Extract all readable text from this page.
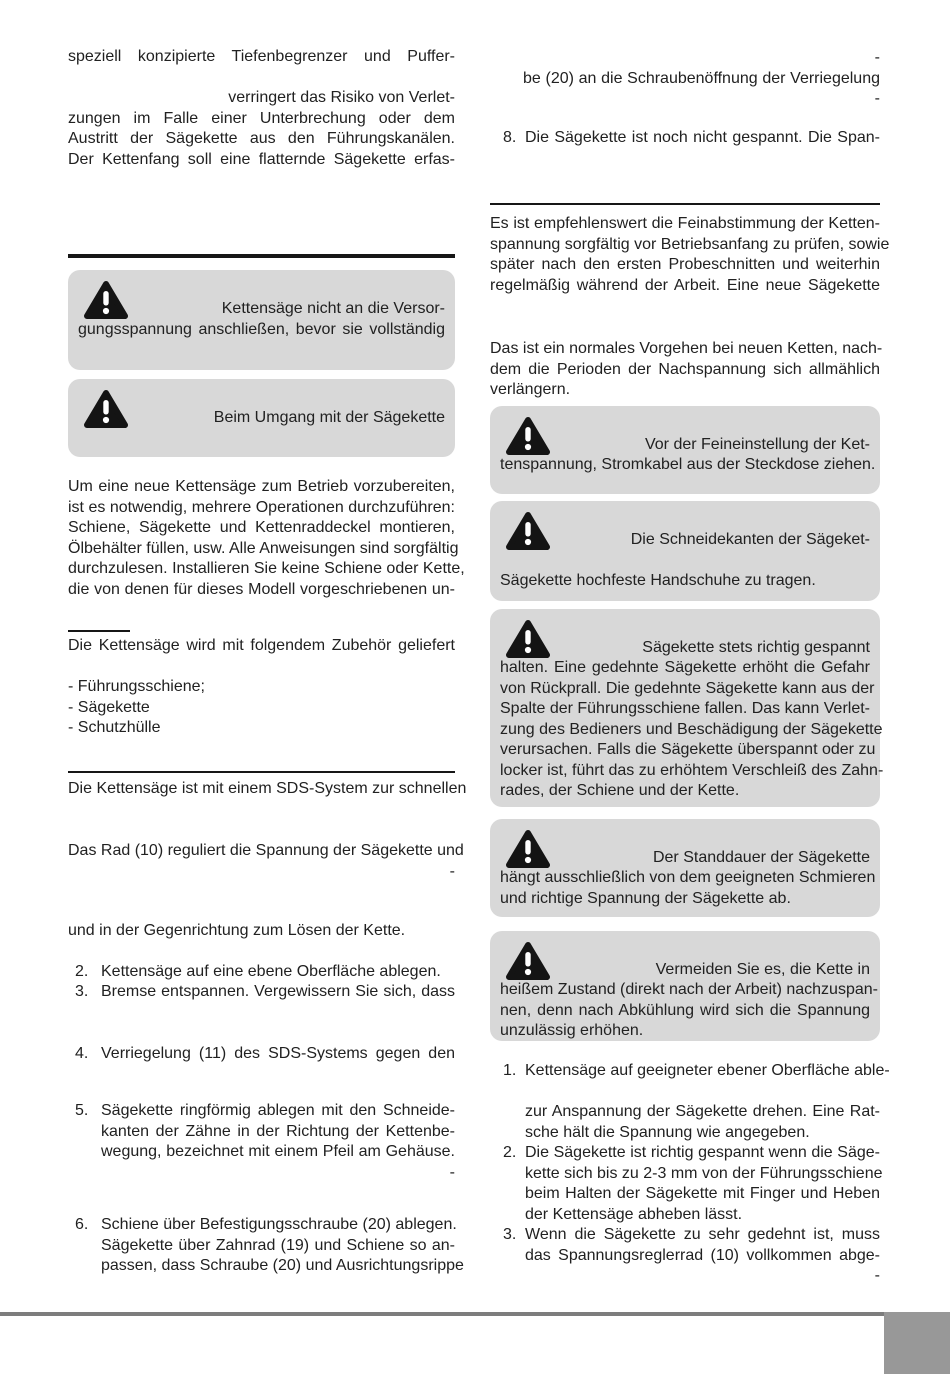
speziell konzipierte Tiefenbegrenzer und Puffer-

verringert das Risiko von Verlet-
zungen im Falle einer Unterbrechung oder dem
Austritt der Sägekette aus den Führungskanälen.
Der Kettenfang soll eine flatternde Sägekette erfas-
Kettensäge nicht an die Versor-
gungsspannung anschließen, bevor sie vollständig
Beim Umgang mit der Sägekette
Um eine neue Kettensäge zum Betrieb vorzubereiten,
ist es notwendig, mehrere Operationen durchzuführen:
Schiene, Sägekette und Kettenraddeckel montieren,
Ölbehälter füllen, usw. Alle Anweisungen sind sorgfältig
durchzulesen. Installieren Sie keine Schiene oder Kette,
die von denen für dieses Modell vorgeschriebenen un-
Die Kettensäge wird mit folgendem Zubehör geliefert

- Führungsschiene;
- Sägekette
- Schutzhülle
Die Kettensäge ist mit einem SDS-System zur schnellen
Das Rad (10) reguliert die Spannung der Sägekette und
-
und in der Gegenrichtung zum Lösen der Kette.
2. Kettensäge auf eine ebene Oberfläche ablegen.
3. Bremse entspannen. Vergewissern Sie sich, dass
4. Verriegelung (11) des SDS-Systems gegen den
5. Sägekette ringförmig ablegen mit den Schneide-
kanten der Zähne in der Richtung der Kettenbe-
wegung, bezeichnet mit einem Pfeil am Gehäuse.
-
6. Schiene über Befestigungsschraube (20) ablegen.
Sägekette über Zahnrad (19) und Schiene so an-
passen, dass Schraube (20) und Ausrichtungsrippe
-
be (20) an die Schraubenöffnung der Verriegelung
-
8. Die Sägekette ist noch nicht gespannt. Die Span-
Es ist empfehlenswert die Feinabstimmung der Ketten-
spannung sorgfältig vor Betriebsanfang zu prüfen, sowie
später nach den ersten Probeschnitten und weiterhin
regelmäßig während der Arbeit. Eine neue Sägekette
Das ist ein normales Vorgehen bei neuen Ketten, nach-
dem die Perioden der Nachspannung sich allmählich
verlängern.
Vor der Feineinstellung der Ket-
tenspannung, Stromkabel aus der Steckdose ziehen.
Die Schneidekanten der Sägeket-

Sägekette hochfeste Handschuhe zu tragen.
Sägekette stets richtig gespannt
halten. Eine gedehnte Sägekette erhöht die Gefahr
von Rückprall. Die gedehnte Sägekette kann aus der
Spalte der Führungsschiene fallen. Das kann Verlet-
zung des Bedieners und Beschädigung der Sägekette
verursachen. Falls die Sägekette überspannt oder zu
locker ist, führt das zu erhöhtem Verschleiß des Zahn-
rades, der Schiene und der Kette.
Der Standdauer der Sägekette
hängt ausschließlich von dem geeigneten Schmieren
und richtige Spannung der Sägekette ab.
Vermeiden Sie es, die Kette in
heißem Zustand (direkt nach der Arbeit) nachzuspan-
nen, denn nach Abkühlung wird sich die Spannung
unzulässig erhöhen.
1. Kettensäge auf geeigneter ebener Oberfläche able-
zur Anspannung der Sägekette drehen. Eine Rat-
sche hält die Spannung wie angegeben.
2. Die Sägekette ist richtig gespannt wenn die Säge-
kette sich bis zu 2-3 mm von der Führungsschiene
beim Halten der Sägekette mit Finger und Heben
der Kettensäge abheben lässt.
3. Wenn die Sägekette zu sehr gedehnt ist, muss
das Spannungsreglerrad (10) vollkommen abge-
-
